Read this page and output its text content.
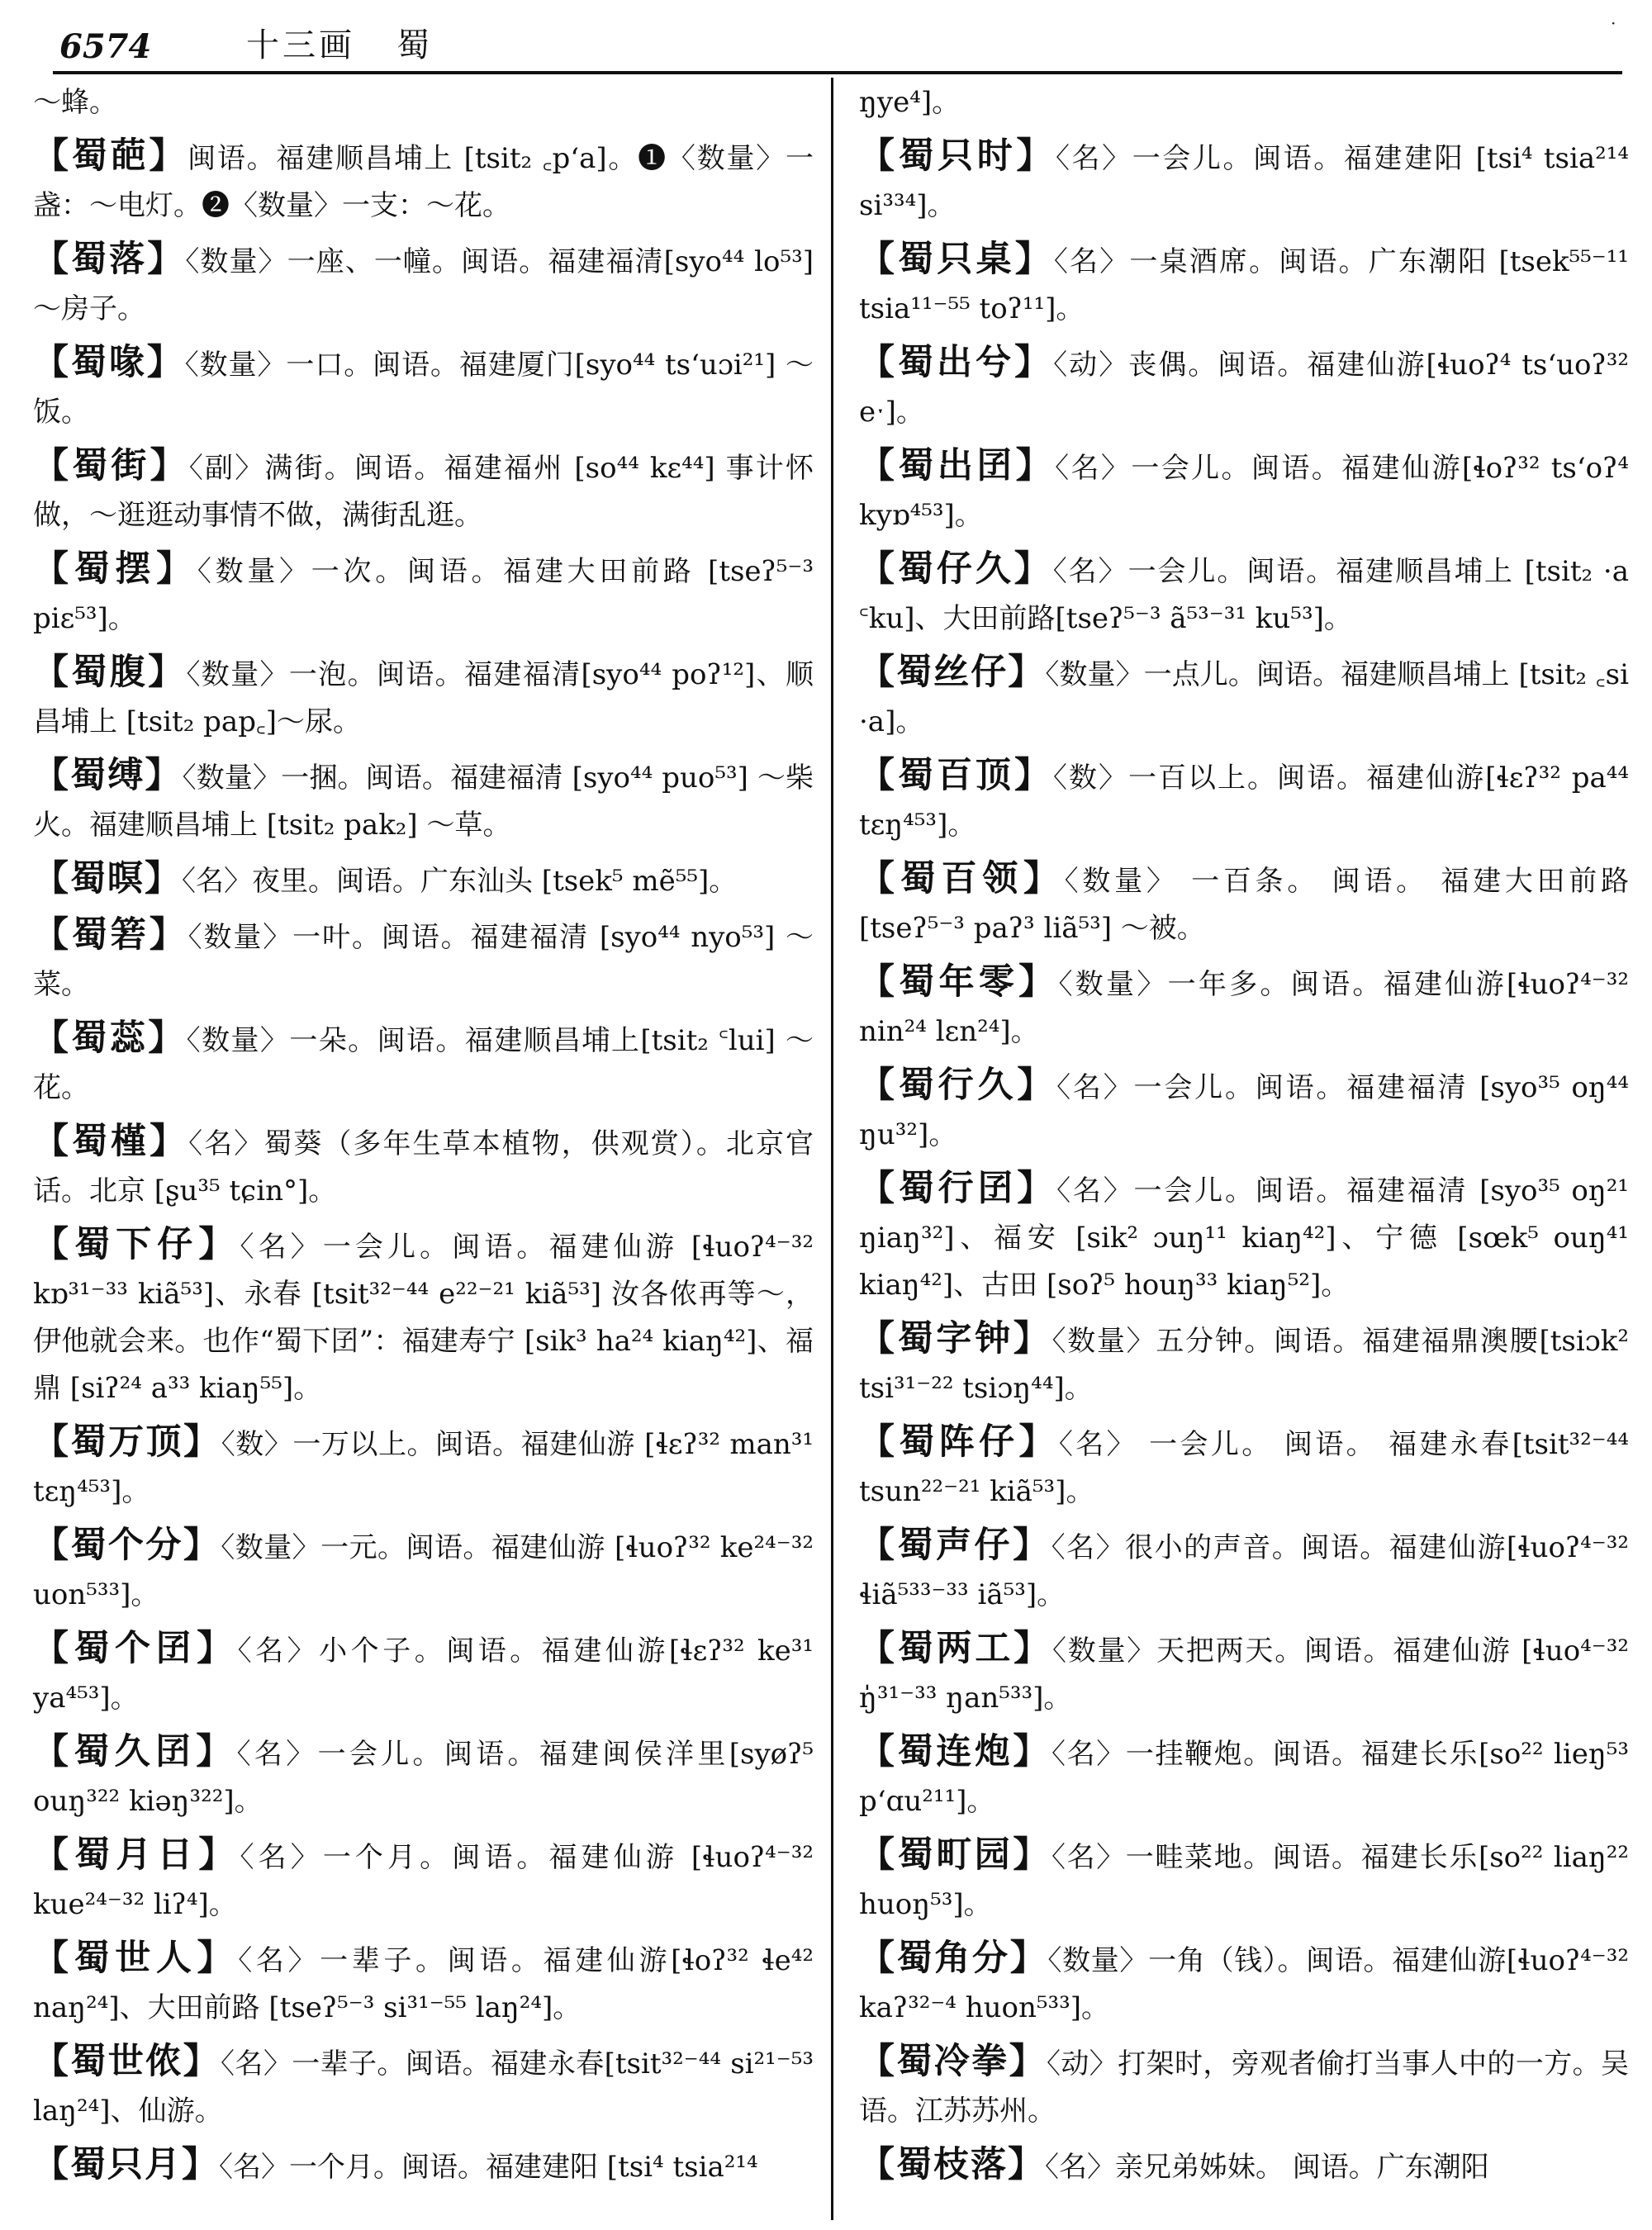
6574	十三画 蜀
·
～蜂。
【蜀葩】闽语。福建顺昌埔上 [tsit₂ ꜀pʻa]。❶〈数量〉一盏：～电灯。❷〈数量〉一支：～花。
【蜀落】〈数量〉一座、一幢。闽语。福建福清[syo⁴⁴ lo⁵³] ～房子。
【蜀喙】〈数量〉一口。闽语。福建厦门[syo⁴⁴ tsʻuɔi²¹] ～饭。
【蜀街】〈副〉满街。闽语。福建福州 [so⁴⁴ kɛ⁴⁴] 事计怀做，～逛逛动事情不做，满街乱逛。
【蜀摆】〈数量〉一次。闽语。福建大田前路 [tseʔ⁵⁻³ piɛ⁵³]。
【蜀腹】〈数量〉一泡。闽语。福建福清[syo⁴⁴ poʔ¹²]、顺昌埔上 [tsit₂ pap꜀]～尿。
【蜀缚】〈数量〉一捆。闽语。福建福清 [syo⁴⁴ puo⁵³] ～柴火。福建顺昌埔上 [tsit₂ pak₂] ～草。
【蜀暝】〈名〉夜里。闽语。广东汕头 [tsek⁵ mẽ⁵⁵]。
【蜀箬】〈数量〉一叶。闽语。福建福清 [syo⁴⁴ nyo⁵³] ～菜。
【蜀蕊】〈数量〉一朵。闽语。福建顺昌埔上[tsit₂ ꜂lui] ～花。
【蜀槿】〈名〉蜀葵（多年生草本植物，供观赏）。北京官话。北京 [ʂu³⁵ tɕin°]。
【蜀下仔】〈名〉一会儿。闽语。福建仙游 [ɬuoʔ⁴⁻³² kɒ³¹⁻³³ kiã⁵³]、永春 [tsit³²⁻⁴⁴ e²²⁻²¹ kiã⁵³] 汝各侬再等～，伊他就会来。也作“蜀下囝”：福建寿宁 [sik³ ha²⁴ kiaŋ⁴²]、福鼎 [siʔ²⁴ a³³ kiaŋ⁵⁵]。
【蜀万顶】〈数〉一万以上。闽语。福建仙游 [ɬɛʔ³² man³¹ tɛŋ⁴⁵³]。
【蜀个分】〈数量〉一元。闽语。福建仙游 [ɬuoʔ³² ke²⁴⁻³² uon⁵³³]。
【蜀个囝】〈名〉小个子。闽语。福建仙游[ɬɛʔ³² ke³¹ ya⁴⁵³]。
【蜀久囝】〈名〉一会儿。闽语。福建闽侯洋里[syøʔ⁵ ouŋ³²² kiəŋ³²²]。
【蜀月日】〈名〉一个月。闽语。福建仙游 [ɬuoʔ⁴⁻³² kue²⁴⁻³² liʔ⁴]。
【蜀世人】〈名〉一辈子。闽语。福建仙游[ɬoʔ³² ɬe⁴² naŋ²⁴]、大田前路 [tseʔ⁵⁻³ si³¹⁻⁵⁵ laŋ²⁴]。
【蜀世侬】〈名〉一辈子。闽语。福建永春[tsit³²⁻⁴⁴ si²¹⁻⁵³ laŋ²⁴]、仙游。
【蜀只月】〈名〉一个月。闽语。福建建阳 [tsi⁴ tsia²¹⁴
ŋye⁴]。
【蜀只时】〈名〉一会儿。闽语。福建建阳 [tsi⁴ tsia²¹⁴ si³³⁴]。
【蜀只桌】〈名〉一桌酒席。闽语。广东潮阳 [tsek⁵⁵⁻¹¹ tsia¹¹⁻⁵⁵ toʔ¹¹]。
【蜀出兮】〈动〉丧偶。闽语。福建仙游[ɬuoʔ⁴ tsʻuoʔ³² eˑ]。
【蜀出囝】〈名〉一会儿。闽语。福建仙游[ɬoʔ³² tsʻoʔ⁴ kyɒ⁴⁵³]。
【蜀仔久】〈名〉一会儿。闽语。福建顺昌埔上 [tsit₂ ·a ꜂ku]、大田前路[tseʔ⁵⁻³ ã⁵³⁻³¹ ku⁵³]。
【蜀丝仔】〈数量〉一点儿。闽语。福建顺昌埔上 [tsit₂ ꜀si ·a]。
【蜀百顶】〈数〉一百以上。闽语。福建仙游[ɬɛʔ³² pa⁴⁴ tɛŋ⁴⁵³]。
【蜀百领】〈数量〉 一百条。 闽语。 福建大田前路 [tseʔ⁵⁻³ paʔ³ liã⁵³] ～被。
【蜀年零】〈数量〉一年多。闽语。福建仙游[ɬuoʔ⁴⁻³² nin²⁴ lɛn²⁴]。
【蜀行久】〈名〉一会儿。闽语。福建福清 [syo³⁵ oŋ⁴⁴ ŋu³²]。
【蜀行囝】〈名〉一会儿。闽语。福建福清 [syo³⁵ oŋ²¹ ŋiaŋ³²]、福安 [sik² ɔuŋ¹¹ kiaŋ⁴²]、宁德 [sœk⁵ ouŋ⁴¹ kiaŋ⁴²]、古田 [soʔ⁵ houŋ³³ kiaŋ⁵²]。
【蜀字钟】〈数量〉五分钟。闽语。福建福鼎澳腰[tsiɔk² tsi³¹⁻²² tsiɔŋ⁴⁴]。
【蜀阵仔】〈名〉 一会儿。 闽语。 福建永春[tsit³²⁻⁴⁴ tsun²²⁻²¹ kiã⁵³]。
【蜀声仔】〈名〉很小的声音。闽语。福建仙游[ɬuoʔ⁴⁻³² ɬiã⁵³³⁻³³ iã⁵³]。
【蜀两工】〈数量〉天把两天。闽语。福建仙游 [ɬuo⁴⁻³² ŋ̍³¹⁻³³ ŋan⁵³³]。
【蜀连炮】〈名〉一挂鞭炮。闽语。福建长乐[so²² lieŋ⁵³ pʻɑu²¹¹]。
【蜀町园】〈名〉一畦菜地。闽语。福建长乐[so²² liaŋ²² huoŋ⁵³]。
【蜀角分】〈数量〉一角（钱）。闽语。福建仙游[ɬuoʔ⁴⁻³² kaʔ³²⁻⁴ huon⁵³³]。
【蜀冷拳】〈动〉打架时，旁观者偷打当事人中的一方。吴语。江苏苏州。
【蜀枝落】〈名〉亲兄弟姊妹。 闽语。广东潮阳
